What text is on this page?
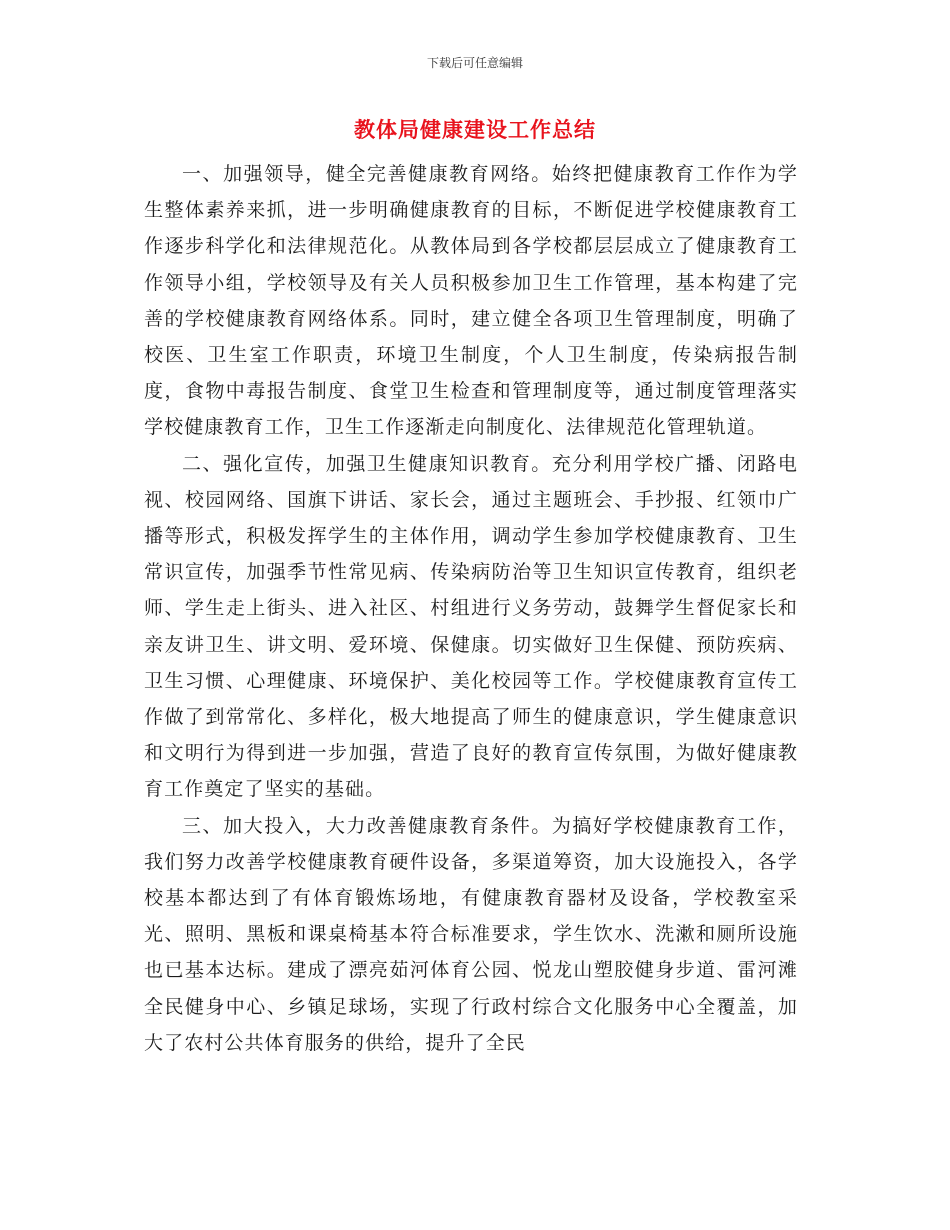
下载后可任意编辑
教体局健康建设工作总结

一、加强领导，健全完善健康教育网络。始终把健康教育工作作为学生整体素养来抓，进一步明确健康教育的目标，不断促进学校健康教育工作逐步科学化和法律规范化。从教体局到各学校都层层成立了健康教育工作领导小组，学校领导及有关人员积极参加卫生工作管理，基本构建了完善的学校健康教育网络体系。同时，建立健全各项卫生管理制度，明确了校医、卫生室工作职责，环境卫生制度，个人卫生制度，传染病报告制度，食物中毒报告制度、食堂卫生检查和管理制度等，通过制度管理落实学校健康教育工作，卫生工作逐渐走向制度化、法律规范化管理轨道。

二、强化宣传，加强卫生健康知识教育。充分利用学校广播、闭路电视、校园网络、国旗下讲话、家长会，通过主题班会、手抄报、红领巾广播等形式，积极发挥学生的主体作用，调动学生参加学校健康教育、卫生常识宣传，加强季节性常见病、传染病防治等卫生知识宣传教育，组织老师、学生走上街头、进入社区、村组进行义务劳动，鼓舞学生督促家长和亲友讲卫生、讲文明、爱环境、保健康。切实做好卫生保健、预防疾病、卫生习惯、心理健康、环境保护、美化校园等工作。学校健康教育宣传工作做了到常常化、多样化，极大地提高了师生的健康意识，学生健康意识和文明行为得到进一步加强，营造了良好的教育宣传氛围，为做好健康教育工作奠定了坚实的基础。

三、加大投入，大力改善健康教育条件。为搞好学校健康教育工作，我们努力改善学校健康教育硬件设备，多渠道筹资，加大设施投入，各学校基本都达到了有体育锻炼场地，有健康教育器材及设备，学校教室采光、照明、黑板和课桌椅基本符合标准要求，学生饮水、洗漱和厕所设施也已基本达标。建成了漂亮茹河体育公园、悦龙山塑胶健身步道、雷河滩全民健身中心、乡镇足球场，实现了行政村综合文化服务中心全覆盖，加大了农村公共体育服务的供给，提升了全民
